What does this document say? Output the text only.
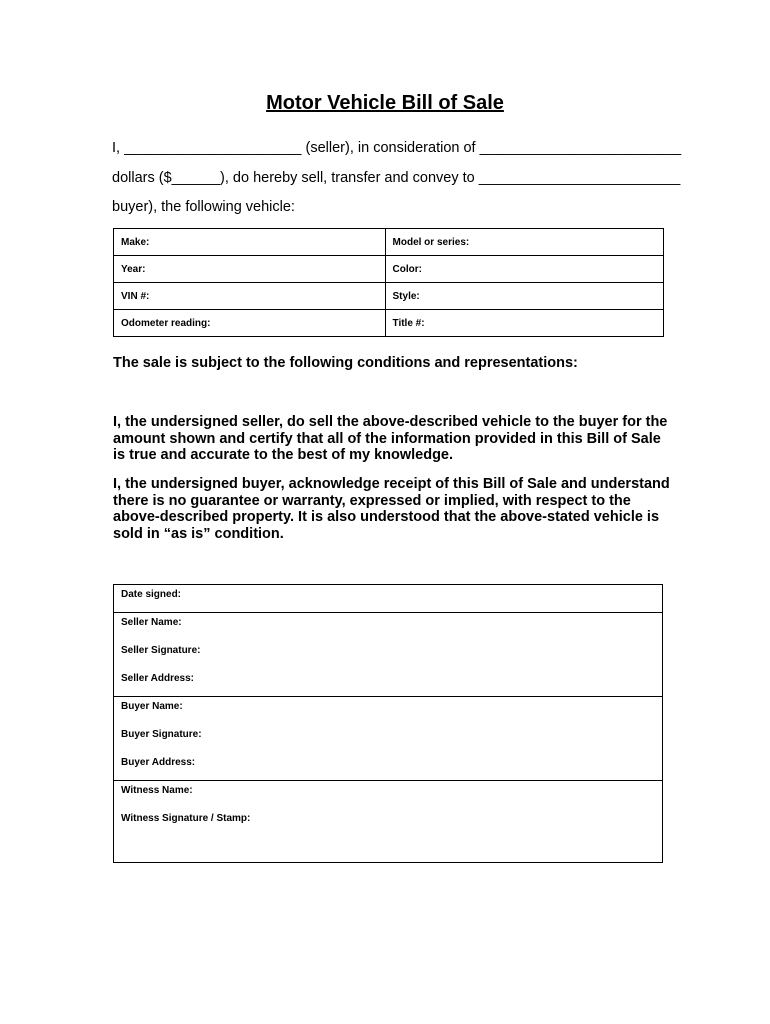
Motor Vehicle Bill of Sale

I, ______________________ (seller), in consideration of _________________________

dollars ($______), do hereby sell, transfer and convey to _________________________

buyer), the following vehicle:

Make:	Model or series:
Year:	Color:
VIN #:	Style:
Odometer reading:	Title #:

The sale is subject to the following conditions and representations:

I, the undersigned seller, do sell the above-described vehicle to the buyer for the amount shown and certify that all of the information provided in this Bill of Sale is true and accurate to the best of my knowledge.

I, the undersigned buyer, acknowledge receipt of this Bill of Sale and understand there is no guarantee or warranty, expressed or implied, with respect to the above-described property. It is also understood that the above-stated vehicle is sold in “as is” condition.

Date signed:

Seller Name:

Seller Signature:

Seller Address:

Buyer Name:

Buyer Signature:

Buyer Address:

Witness Name:

Witness Signature / Stamp:
